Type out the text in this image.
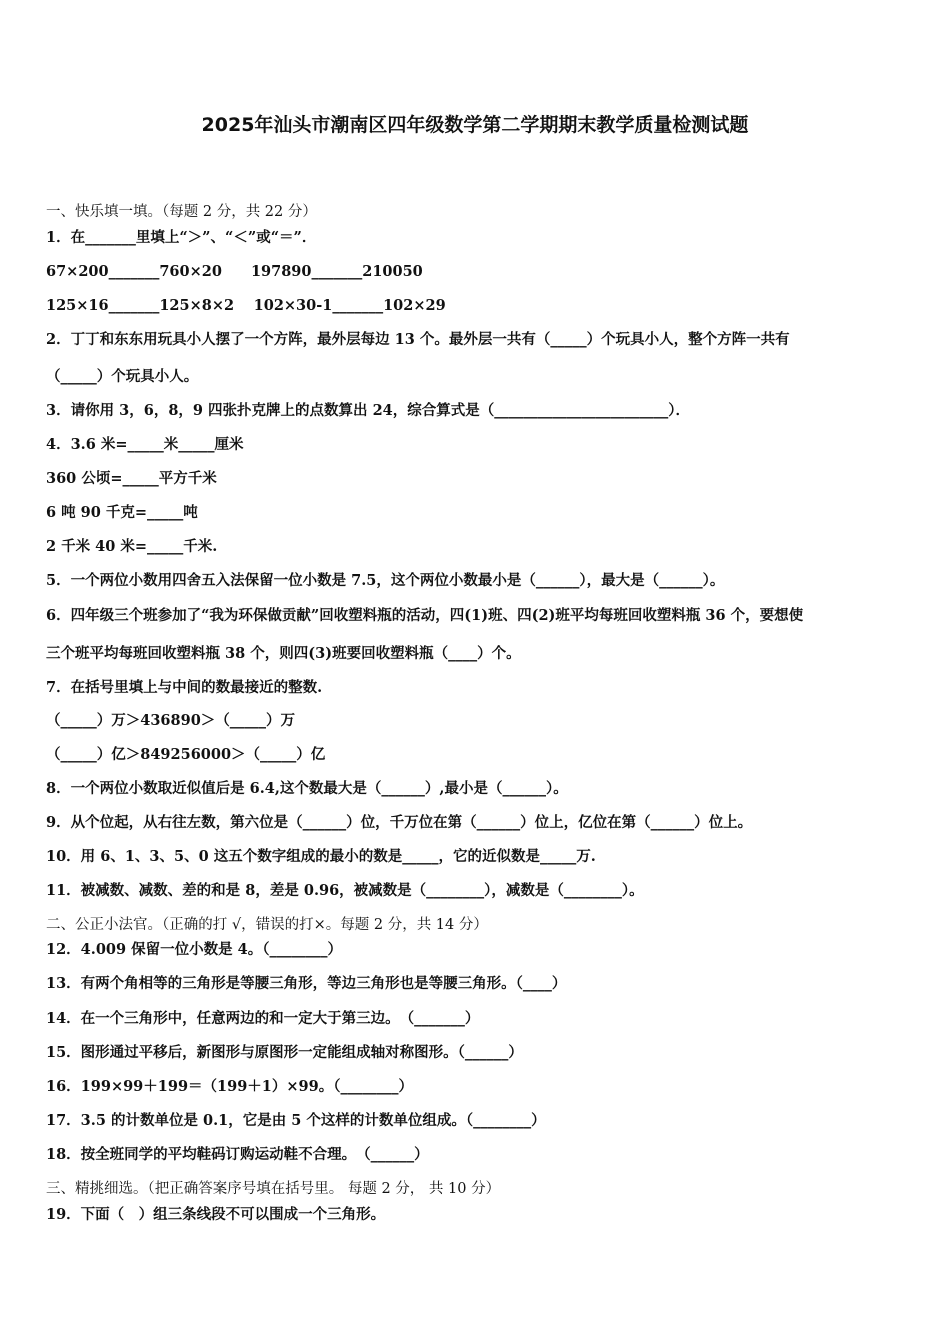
2025年汕头市潮南区四年级数学第二学期期末教学质量检测试题
一、快乐填一填。（每题 2 分，共 22 分）
1．在_______里填上“＞”、“＜”或“＝”．
67×200_______760×20　　197890_______210050
125×16_______125×8×2　 102×30-1_______102×29
2．丁丁和东东用玩具小人摆了一个方阵，最外层每边 13 个。最外层一共有（_____）个玩具小人，整个方阵一共有
（_____）个玩具小人。
3．请你用 3，6，8，9 四张扑克牌上的点数算出 24，综合算式是（________________________）．
4．3.6 米=_____米_____厘米
360 公顷=_____平方千米
6 吨 90 千克=_____吨
2 千米 40 米=_____千米.
5．一个两位小数用四舍五入法保留一位小数是 7.5，这个两位小数最小是（______），最大是（______）。
6．四年级三个班参加了“我为环保做贡献”回收塑料瓶的活动，四(1)班、四(2)班平均每班回收塑料瓶 36 个，要想使
三个班平均每班回收塑料瓶 38 个，则四(3)班要回收塑料瓶（____）个。
7．在括号里填上与中间的数最接近的整数.
（_____）万＞436890＞（_____）万
（_____）亿＞849256000＞（_____）亿
8．一个两位小数取近似值后是 6.4,这个数最大是（______）,最小是（______）。
9．从个位起，从右往左数，第六位是（______）位，千万位在第（______）位上，亿位在第（______）位上。
10．用 6、1、3、5、0 这五个数字组成的最小的数是_____，它的近似数是_____万.
11．被减数、减数、差的和是 8，差是 0.96，被减数是（________），减数是（________）。
二、公正小法官。（正确的打 √，错误的打×。每题 2 分，共 14 分）
12．4.009 保留一位小数是 4。（________）
13．有两个角相等的三角形是等腰三角形，等边三角形也是等腰三角形。（____）
14．在一个三角形中，任意两边的和一定大于第三边。　（_______）
15．图形通过平移后，新图形与原图形一定能组成轴对称图形。（______）
16．199×99＋199＝（199＋1）×99。（________）
17．3.5 的计数单位是 0.1，它是由 5 个这样的计数单位组成。（________）
18．按全班同学的平均鞋码订购运动鞋不合理。　（______）
三、精挑细选。（把正确答案序号填在括号里。 每题 2 分， 共 10 分）
19．下面（　）组三条线段不可以围成一个三角形。
